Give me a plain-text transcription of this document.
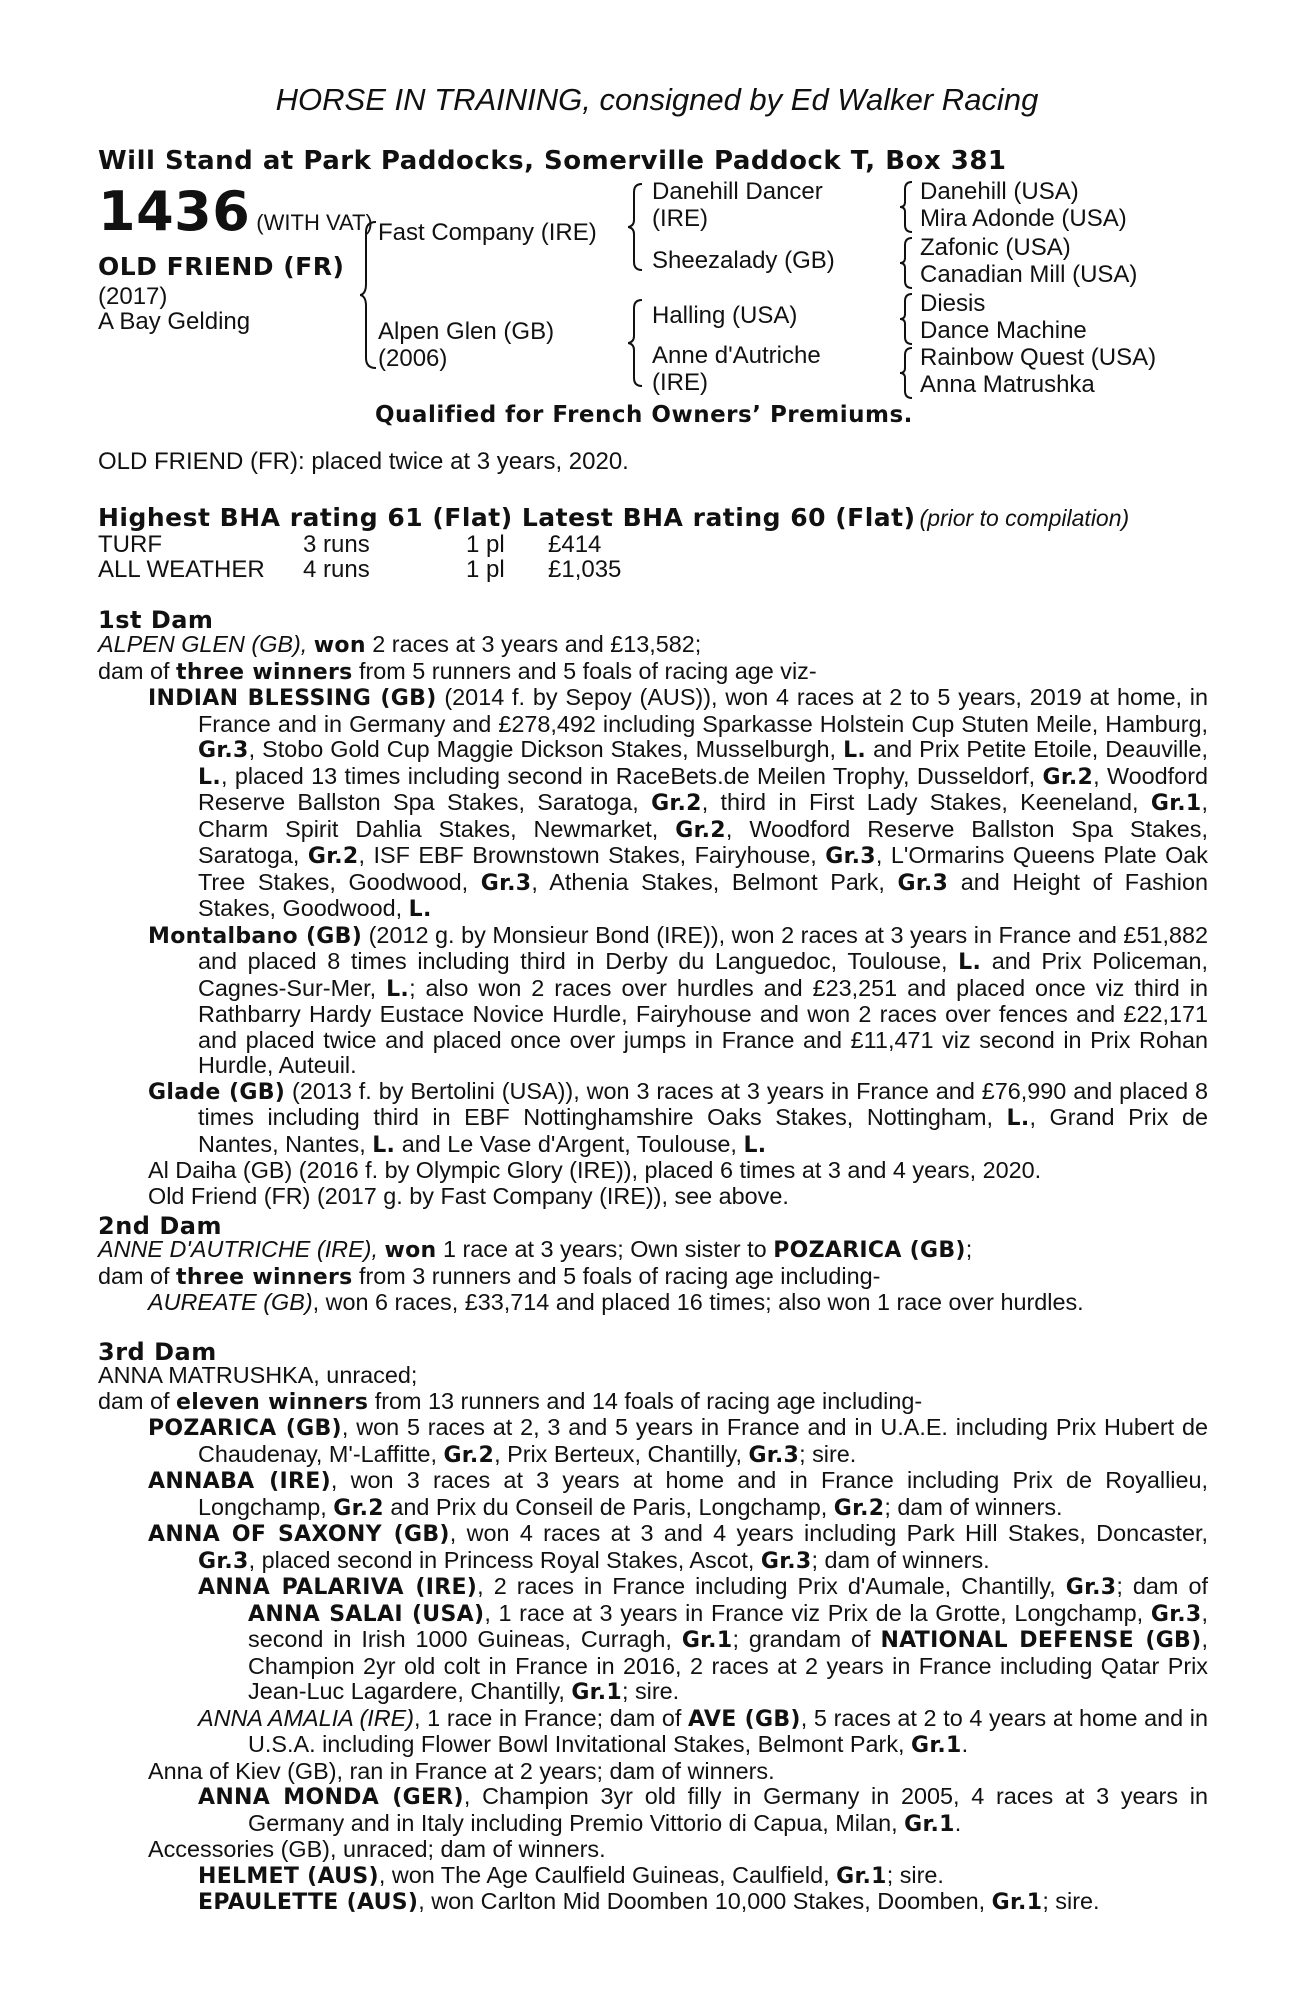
HORSE IN TRAINING, consigned by Ed Walker Racing
Will Stand at Park Paddocks, Somerville Paddock T, Box 381
1436 (WITH VAT)
OLD FRIEND (FR)
(2017)
A Bay Gelding
Fast Company (IRE)
Alpen Glen (GB)
(2006)
Danehill Dancer
(IRE)
Sheezalady (GB)
Halling (USA)
Anne d'Autriche
(IRE)
Danehill (USA)
Mira Adonde (USA)
Zafonic (USA)
Canadian Mill (USA)
Diesis
Dance Machine
Rainbow Quest (USA)
Anna Matrushka
Qualified for French Owners’ Premiums.
OLD FRIEND (FR): placed twice at 3 years, 2020.
Highest BHA rating 61 (Flat) Latest BHA rating 60 (Flat) (prior to compilation)
TURF	3 runs	1 pl £414
ALL WEATHER 4 runs	1 pl £1,035
1st Dam

ALPEN GLEN (GB), won 2 races at 3 years and £13,582;

dam of three winners from 5 runners and 5 foals of racing age viz-

INDIAN BLESSING (GB) (2014 f. by Sepoy (AUS)), won 4 races at 2 to 5 years, 2019 at home, in France and in Germany and £278,492 including Sparkasse Holstein Cup Stuten Meile, Hamburg, Gr.3, Stobo Gold Cup Maggie Dickson Stakes, Musselburgh, L. and Prix Petite Etoile, Deauville, L., placed 13 times including second in RaceBets.de Meilen Trophy, Dusseldorf, Gr.2, Woodford Reserve Ballston Spa Stakes, Saratoga, Gr.2, third in First Lady Stakes, Keeneland, Gr.1, Charm Spirit Dahlia Stakes, Newmarket, Gr.2, Woodford Reserve Ballston Spa Stakes, Saratoga, Gr.2, ISF EBF Brownstown Stakes, Fairyhouse, Gr.3, L'Ormarins Queens Plate Oak Tree Stakes, Goodwood, Gr.3, Athenia Stakes, Belmont Park, Gr.3 and Height of Fashion Stakes, Goodwood, L.

Montalbano (GB) (2012 g. by Monsieur Bond (IRE)), won 2 races at 3 years in France and £51,882 and placed 8 times including third in Derby du Languedoc, Toulouse, L. and Prix Policeman, Cagnes-Sur-Mer, L.; also won 2 races over hurdles and £23,251 and placed once viz third in Rathbarry Hardy Eustace Novice Hurdle, Fairyhouse and won 2 races over fences and £22,171 and placed twice and placed once over jumps in France and £11,471 viz second in Prix Rohan Hurdle, Auteuil.

Glade (GB) (2013 f. by Bertolini (USA)), won 3 races at 3 years in France and £76,990 and placed 8 times including third in EBF Nottinghamshire Oaks Stakes, Nottingham, L., Grand Prix de Nantes, Nantes, L. and Le Vase d'Argent, Toulouse, L.

Al Daiha (GB) (2016 f. by Olympic Glory (IRE)), placed 6 times at 3 and 4 years, 2020.

Old Friend (FR) (2017 g. by Fast Company (IRE)), see above.

2nd Dam

ANNE D'AUTRICHE (IRE), won 1 race at 3 years; Own sister to POZARICA (GB);

dam of three winners from 3 runners and 5 foals of racing age including-

AUREATE (GB), won 6 races, £33,714 and placed 16 times; also won 1 race over hurdles.

3rd Dam

ANNA MATRUSHKA, unraced;

dam of eleven winners from 13 runners and 14 foals of racing age including-

POZARICA (GB), won 5 races at 2, 3 and 5 years in France and in U.A.E. including Prix Hubert de Chaudenay, M'-Laffitte, Gr.2, Prix Berteux, Chantilly, Gr.3; sire.

ANNABA (IRE), won 3 races at 3 years at home and in France including Prix de Royallieu, Longchamp, Gr.2 and Prix du Conseil de Paris, Longchamp, Gr.2; dam of winners.

ANNA OF SAXONY (GB), won 4 races at 3 and 4 years including Park Hill Stakes, Doncaster, Gr.3, placed second in Princess Royal Stakes, Ascot, Gr.3; dam of winners.

ANNA PALARIVA (IRE), 2 races in France including Prix d'Aumale, Chantilly, Gr.3; dam of ANNA SALAI (USA), 1 race at 3 years in France viz Prix de la Grotte, Longchamp, Gr.3, second in Irish 1000 Guineas, Curragh, Gr.1; grandam of NATIONAL DEFENSE (GB), Champion 2yr old colt in France in 2016, 2 races at 2 years in France including Qatar Prix Jean-Luc Lagardere, Chantilly, Gr.1; sire.

ANNA AMALIA (IRE), 1 race in France; dam of AVE (GB), 5 races at 2 to 4 years at home and in U.S.A. including Flower Bowl Invitational Stakes, Belmont Park, Gr.1.

Anna of Kiev (GB), ran in France at 2 years; dam of winners.

ANNA MONDA (GER), Champion 3yr old filly in Germany in 2005, 4 races at 3 years in Germany and in Italy including Premio Vittorio di Capua, Milan, Gr.1.

Accessories (GB), unraced; dam of winners.

HELMET (AUS), won The Age Caulfield Guineas, Caulfield, Gr.1; sire.

EPAULETTE (AUS), won Carlton Mid Doomben 10,000 Stakes, Doomben, Gr.1; sire.
